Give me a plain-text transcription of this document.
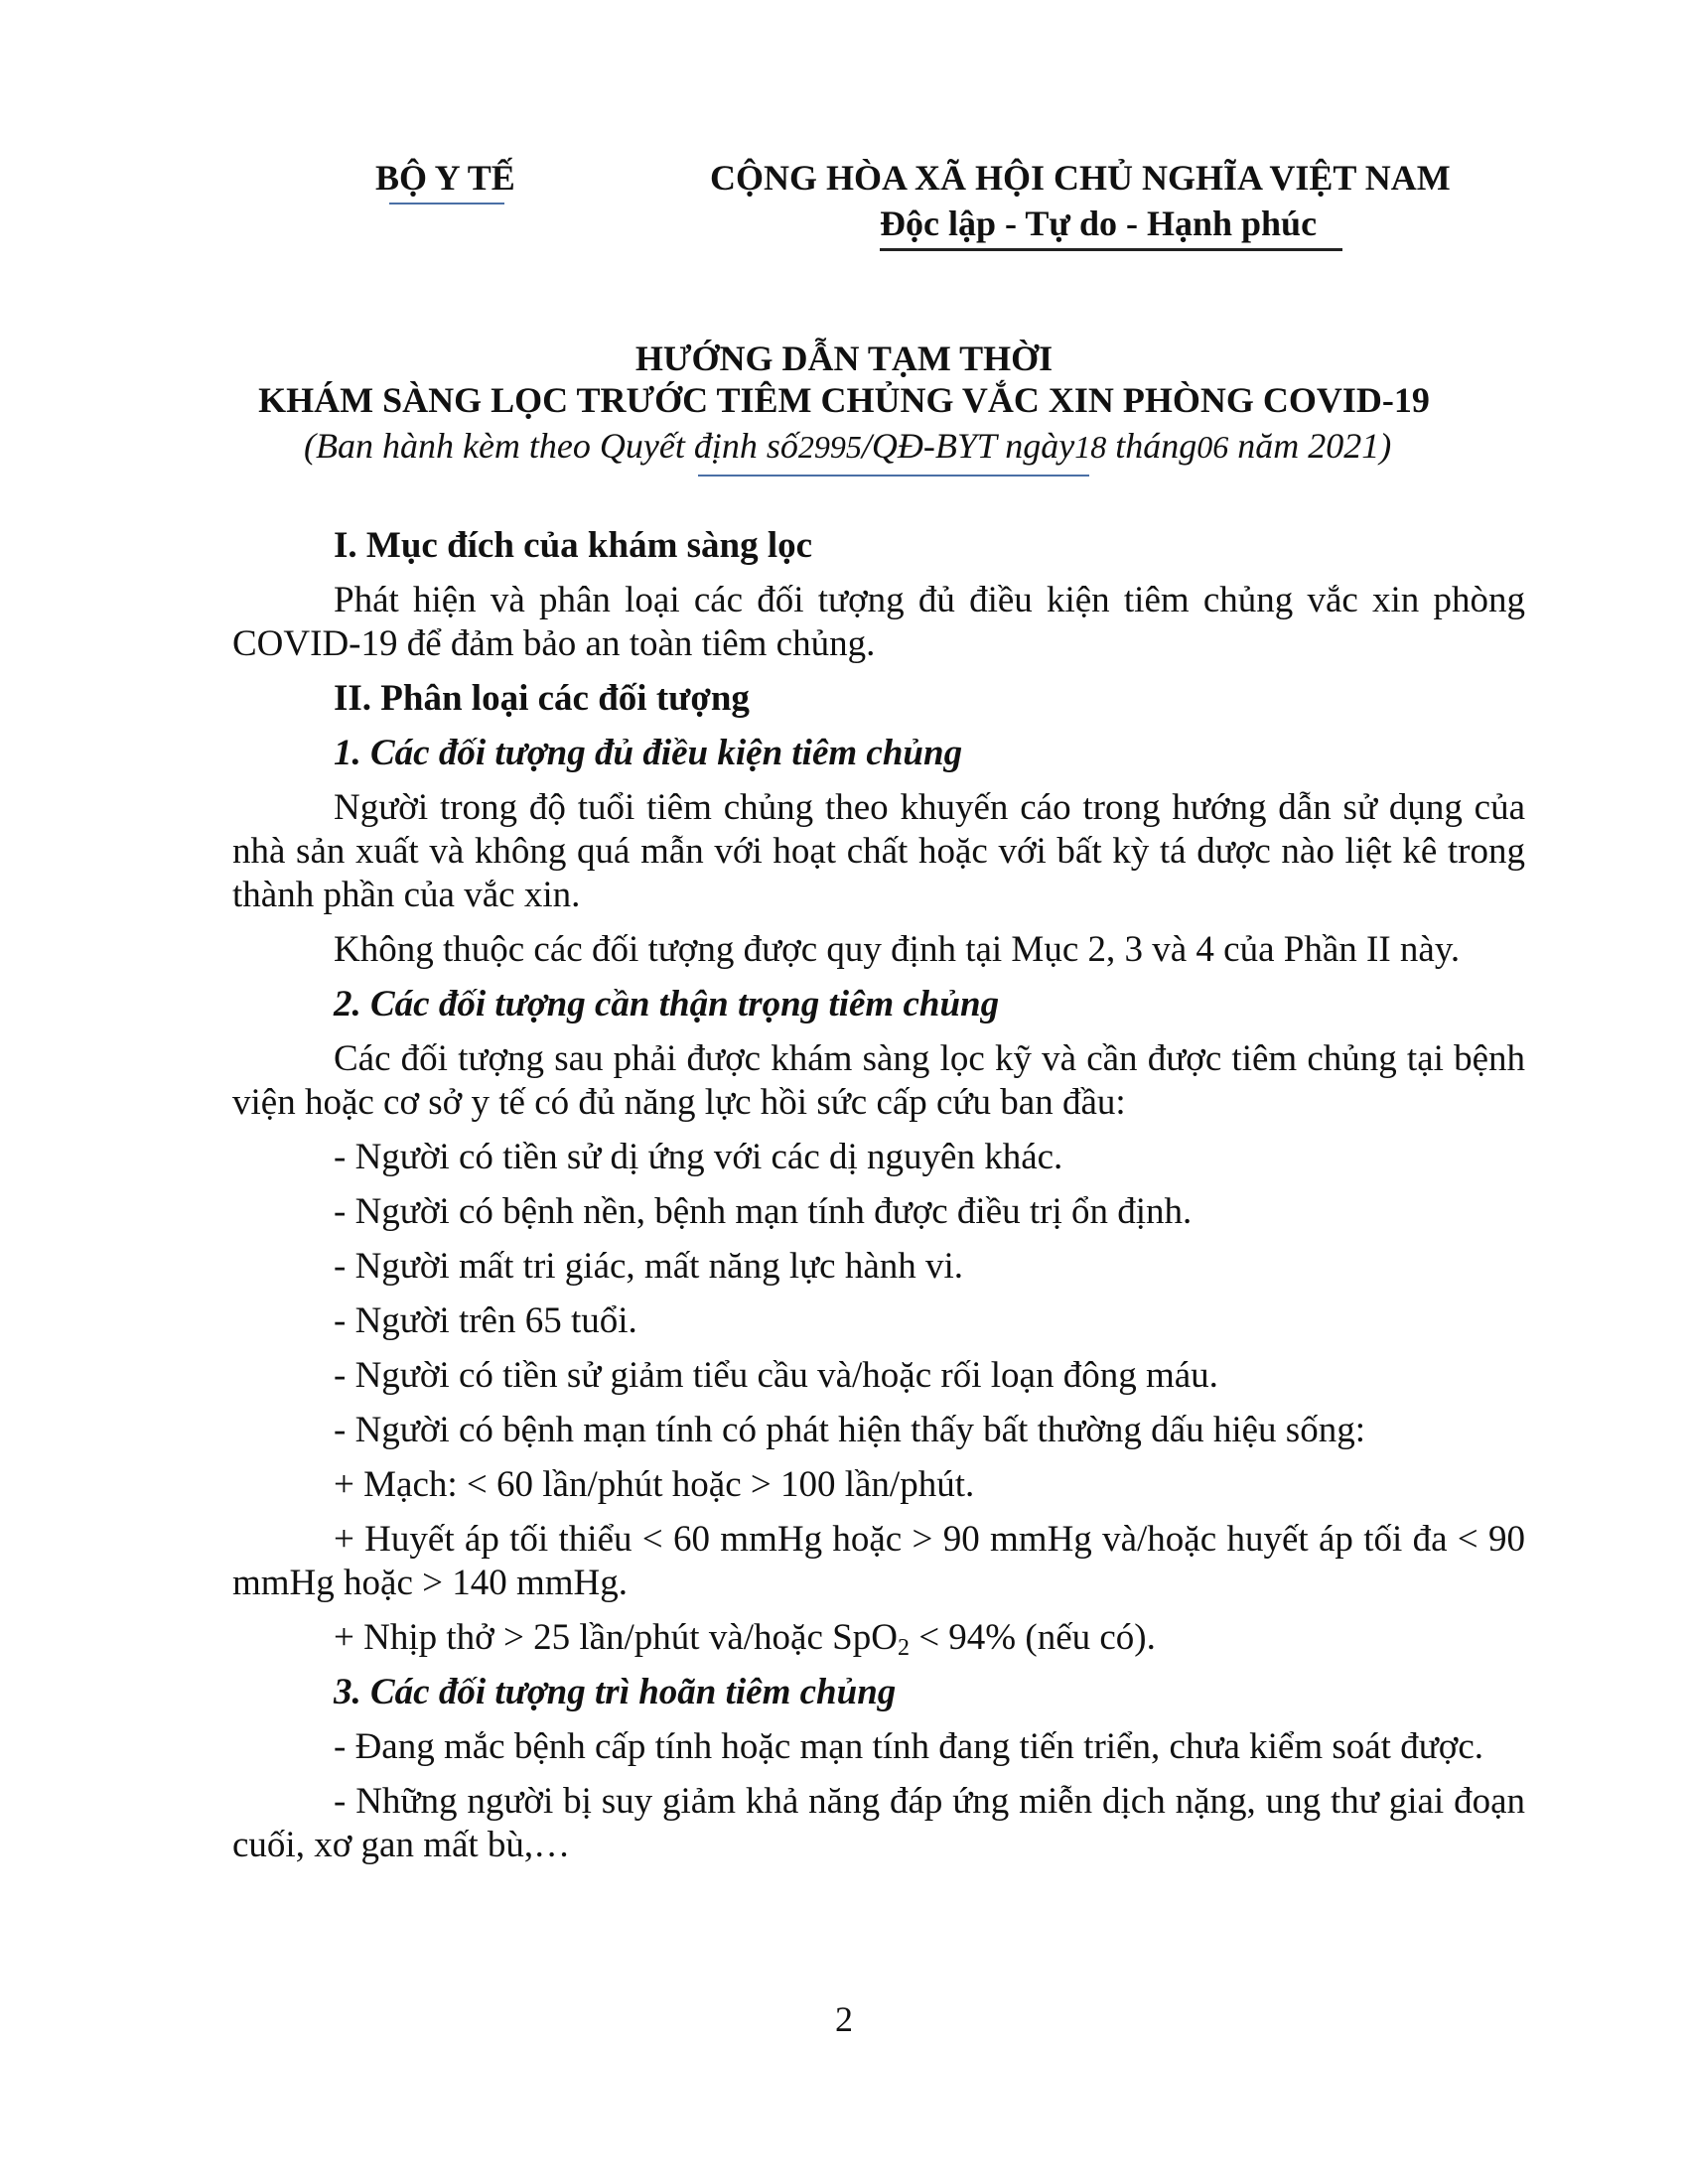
BỘ Y TẾ	CỘNG HÒA XÃ HỘI CHỦ NGHĨA VIỆT NAM
Độc lập - Tự do - Hạnh phúc
HƯỚNG DẪN TẠM THỜI
KHÁM SÀNG LỌC TRƯỚC TIÊM CHỦNG VẮC XIN PHÒNG COVID-19
(Ban hành kèm theo Quyết định số2995/QĐ-BYT ngày18 tháng06 năm 2021)

I. Mục đích của khám sàng lọc

Phát hiện và phân loại các đối tượng đủ điều kiện tiêm chủng vắc xin phòng COVID-19 để đảm bảo an toàn tiêm chủng.

II. Phân loại các đối tượng

1. Các đối tượng đủ điều kiện tiêm chủng

Người trong độ tuổi tiêm chủng theo khuyến cáo trong hướng dẫn sử dụng của nhà sản xuất và không quá mẫn với hoạt chất hoặc với bất kỳ tá dược nào liệt kê trong thành phần của vắc xin.

Không thuộc các đối tượng được quy định tại Mục 2, 3 và 4 của Phần II này.

2. Các đối tượng cần thận trọng tiêm chủng

Các đối tượng sau phải được khám sàng lọc kỹ và cần được tiêm chủng tại bệnh viện hoặc cơ sở y tế có đủ năng lực hồi sức cấp cứu ban đầu:

- Người có tiền sử dị ứng với các dị nguyên khác.

- Người có bệnh nền, bệnh mạn tính được điều trị ổn định.

- Người mất tri giác, mất năng lực hành vi.

- Người trên 65 tuổi.

- Người có tiền sử giảm tiểu cầu và/hoặc rối loạn đông máu.

- Người có bệnh mạn tính có phát hiện thấy bất thường dấu hiệu sống:

+ Mạch: < 60 lần/phút hoặc > 100 lần/phút.

+ Huyết áp tối thiểu < 60 mmHg hoặc > 90 mmHg và/hoặc huyết áp tối đa < 90 mmHg hoặc > 140 mmHg.

+ Nhịp thở > 25 lần/phút và/hoặc SpO$_2$ < 94% (nếu có).

3. Các đối tượng trì hoãn tiêm chủng

- Đang mắc bệnh cấp tính hoặc mạn tính đang tiến triển, chưa kiểm soát được.

- Những người bị suy giảm khả năng đáp ứng miễn dịch nặng, ung thư giai đoạn cuối, xơ gan mất bù,…

2
